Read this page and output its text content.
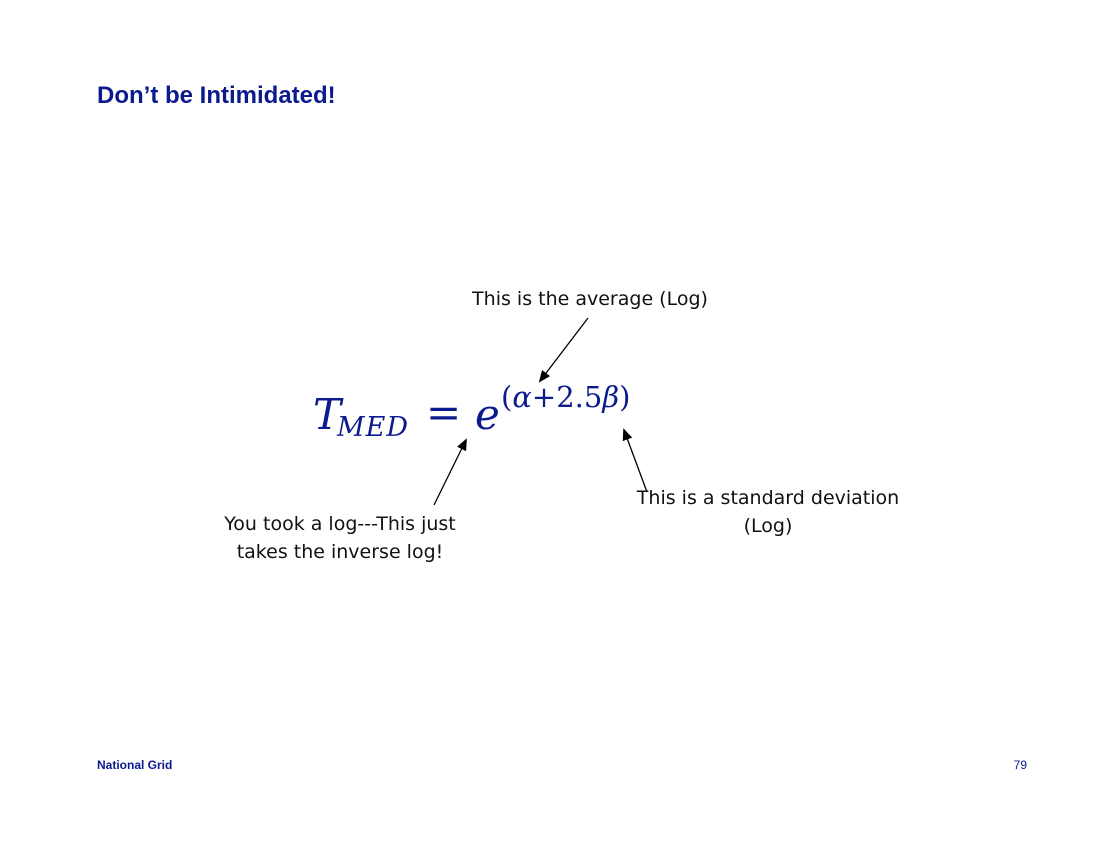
Don’t be Intimidated!
This is the average (Log)
T
MED = e (α+2.5β)
You took a log---This just
takes the inverse log!
This is a standard deviation
(Log)
National Grid	79
